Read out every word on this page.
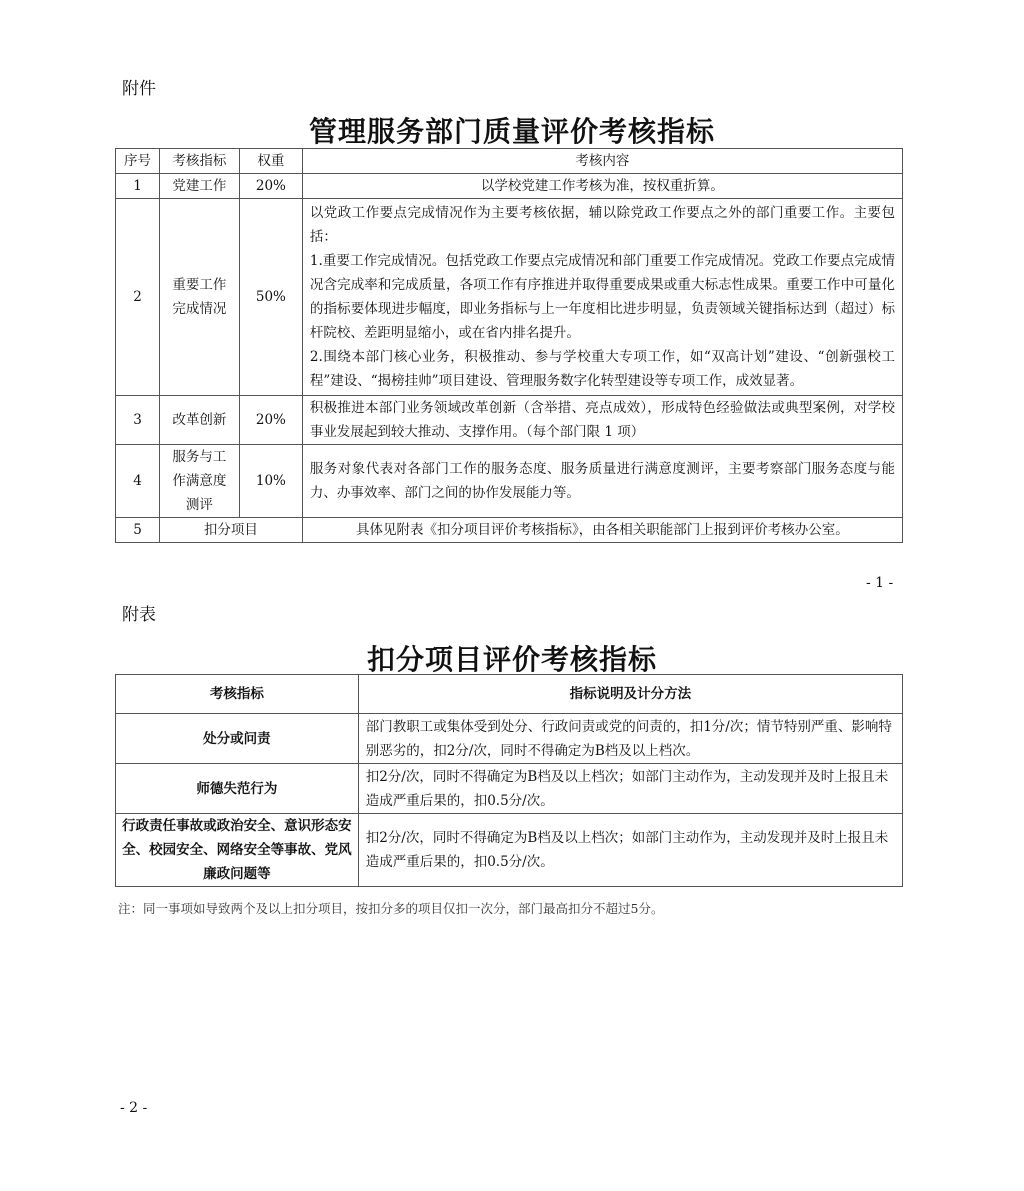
附件
管理服务部门质量评价考核指标
序号	考核指标	权重	考核内容
1	党建工作	20%	以学校党建工作考核为准，按权重折算。
2	重要工作完成情况	50%	以党政工作要点完成情况作为主要考核依据，辅以除党政工作要点之外的部门重要工作。主要包括：

1.重要工作完成情况。包括党政工作要点完成情况和部门重要工作完成情况。党政工作要点完成情况含完成率和完成质量，各项工作有序推进并取得重要成果或重大标志性成果。重要工作中可量化的指标要体现进步幅度，即业务指标与上一年度相比进步明显，负责领域关键指标达到（超过）标杆院校、差距明显缩小，或在省内排名提升。

2.围绕本部门核心业务，积极推动、参与学校重大专项工作，如“双高计划”建设、“创新强校工程”建设、“揭榜挂帅”项目建设、管理服务数字化转型建设等专项工作，成效显著。

3	改革创新	20%	积极推进本部门业务领域改革创新（含举措、亮点成效），形成特色经验做法或典型案例，对学校事业发展起到较大推动、支撑作用。（每个部门限 1 项）

4	服务与工作满意度测评	10%	服务对象代表对各部门工作的服务态度、服务质量进行满意度测评，主要考察部门服务态度与能力、办事效率、部门之间的协作发展能力等。

5	扣分项目		具体见附表《扣分项目评价考核指标》，由各相关职能部门上报到评价考核办公室。
- 1 -
附表
扣分项目评价考核指标
考核指标	指标说明及计分方法
处分或问责	部门教职工或集体受到处分、行政问责或党的问责的，扣1分/次；情节特别严重、影响特别恶劣的，扣2分/次，同时不得确定为B档及以上档次。

师德失范行为	扣2分/次，同时不得确定为B档及以上档次；如部门主动作为，主动发现并及时上报且未造成严重后果的，扣0.5分/次。

行政责任事故或政治安全、意识形态安全、校园安全、网络安全等事故、党风廉政问题等	扣2分/次，同时不得确定为B档及以上档次；如部门主动作为，主动发现并及时上报且未造成严重后果的，扣0.5分/次。

注：同一事项如导致两个及以上扣分项目，按扣分多的项目仅扣一次分，部门最高扣分不超过5分。
- 2 -
